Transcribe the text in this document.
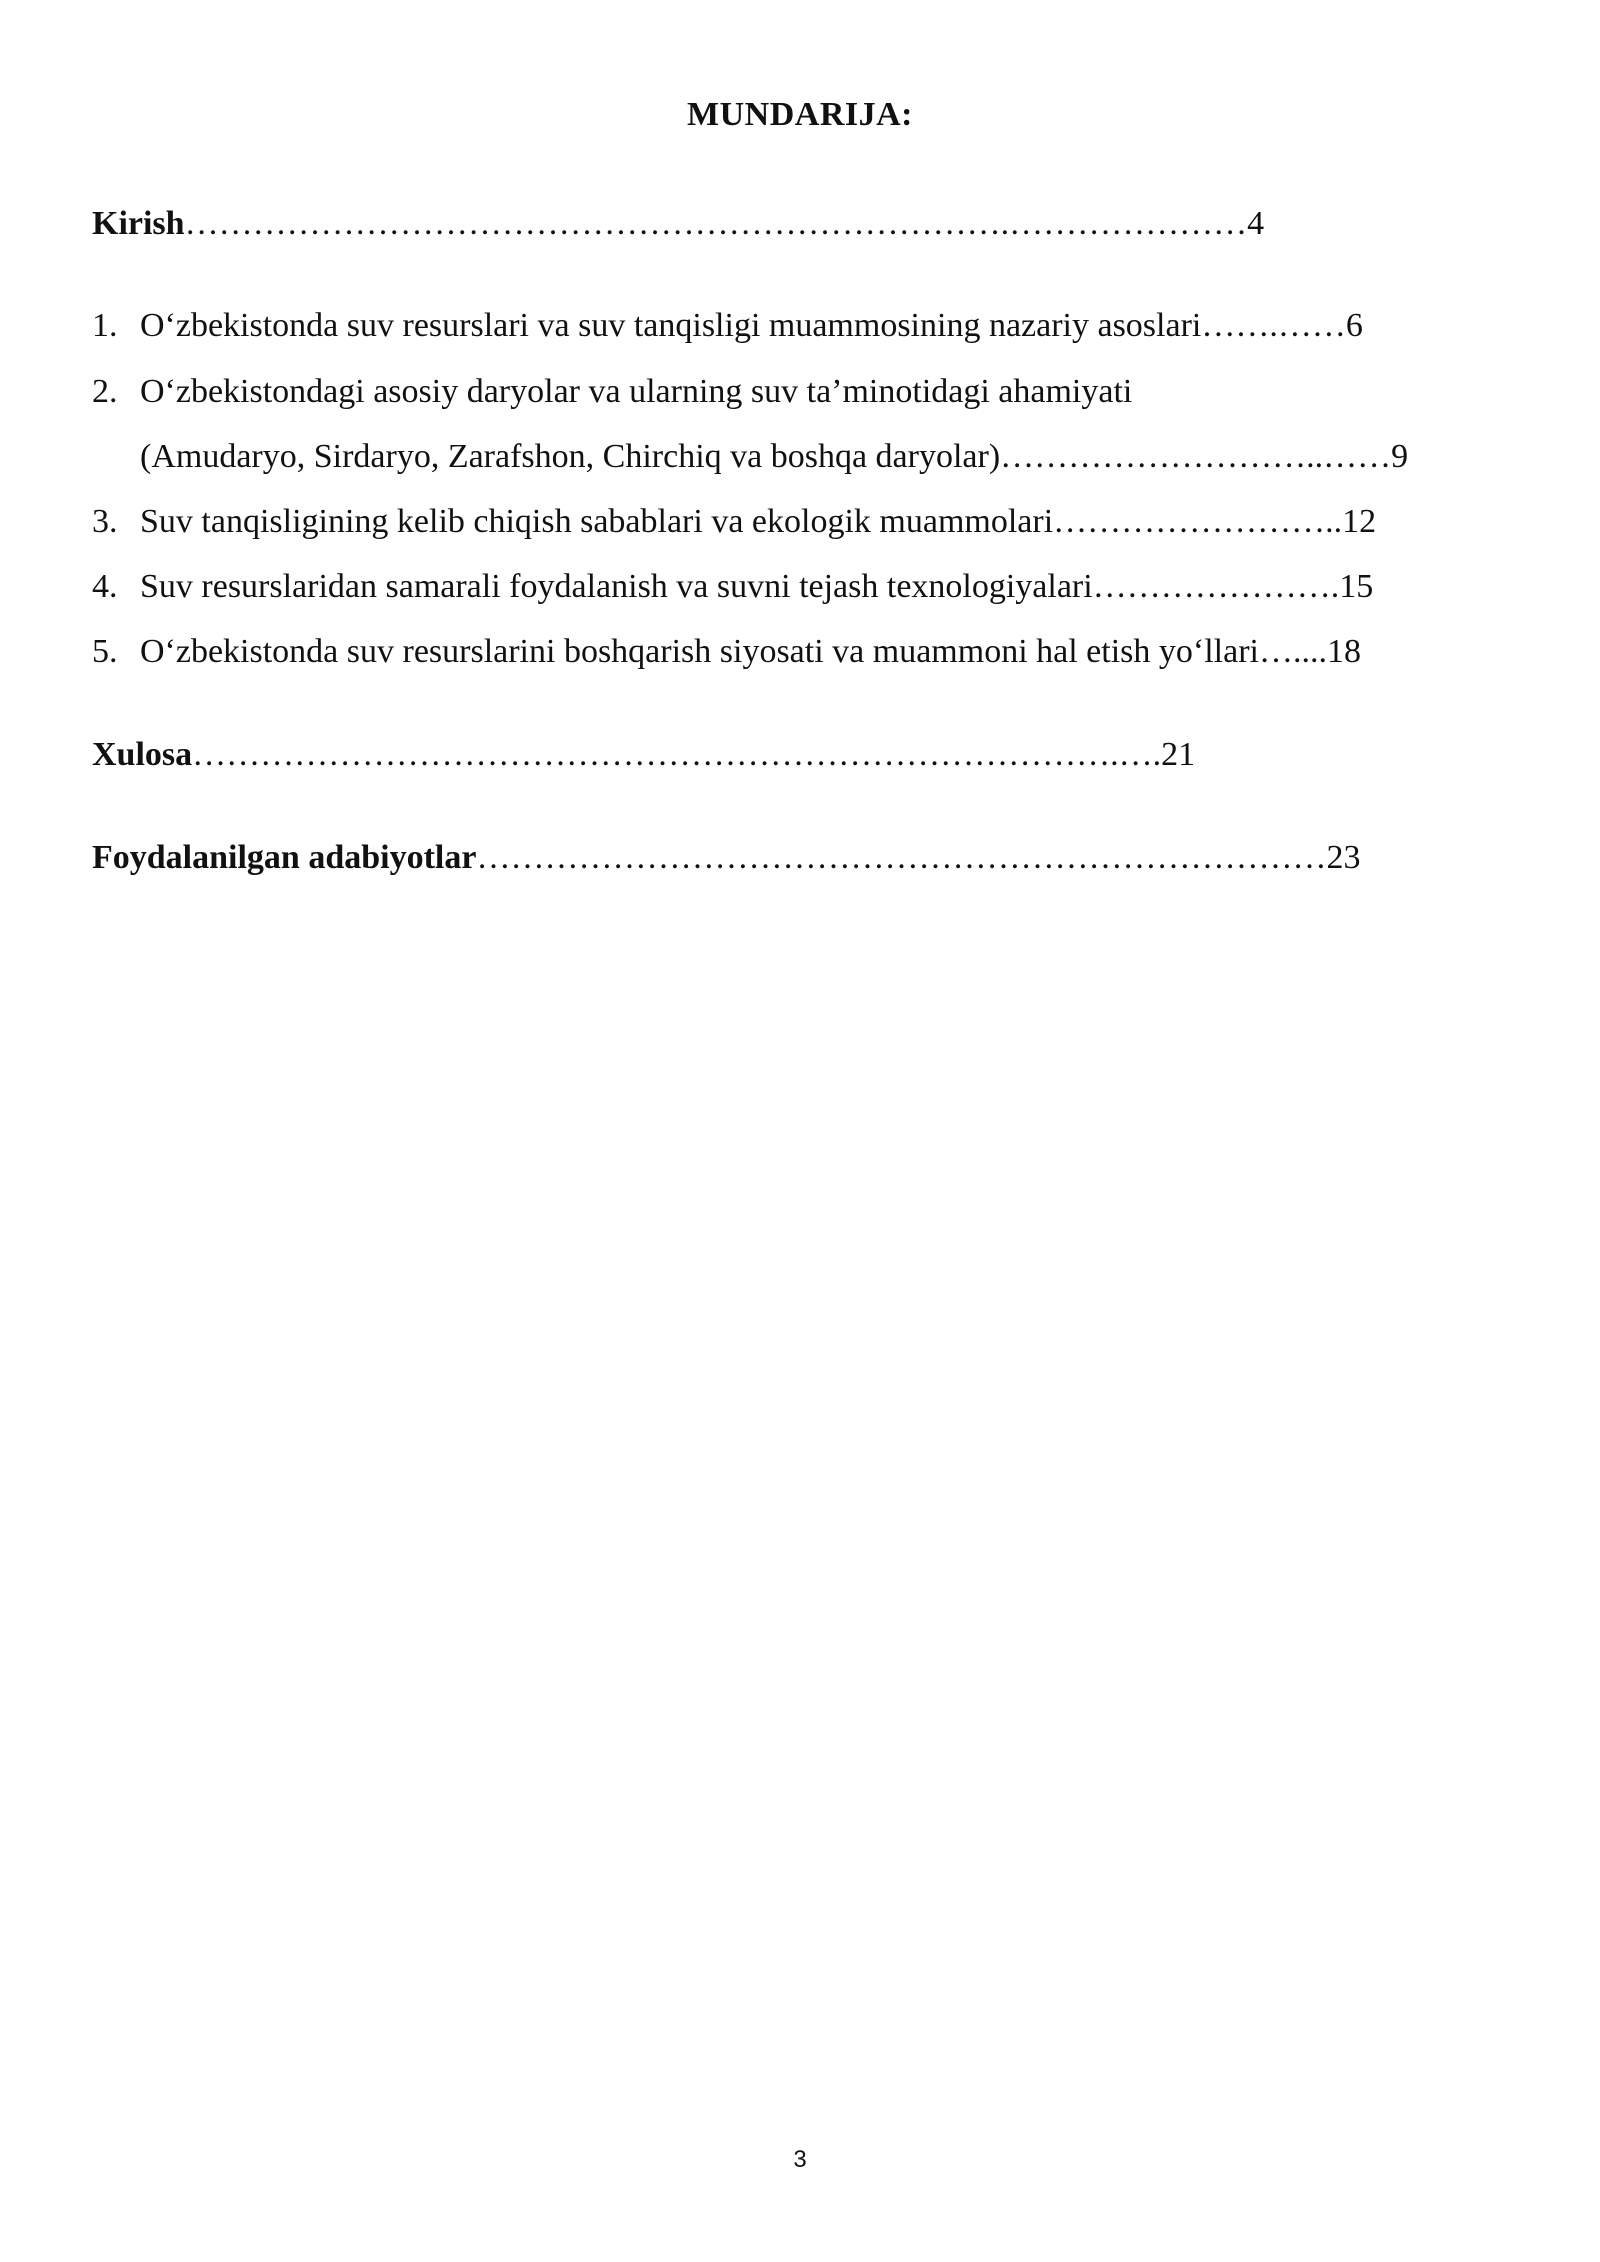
MUNDARIJA:
Kirish……………………………………………………………….…………………4
1. O‘zbekistonda suv resurslari va suv tanqisligi muammosining nazariy asoslari…….……6
2. O‘zbekistondagi asosiy daryolar va ularning suv ta’minotidagi ahamiyati
(Amudaryo, Sirdaryo, Zarafshon, Chirchiq va boshqa daryolar)………………………..……9
3. Suv tanqisligining kelib chiqish sabablari va ekologik muammolari……………………..12
4. Suv resurslaridan samarali foydalanish va suvni tejash texnologiyalari………………….15
5. O‘zbekistonda suv resurslarini boshqarish siyosati va muammoni hal etish yo‘llari…....18
Xulosa……………………………………………………………………….….21
Foydalanilgan adabiyotlar…………………………………………………………………23
3
